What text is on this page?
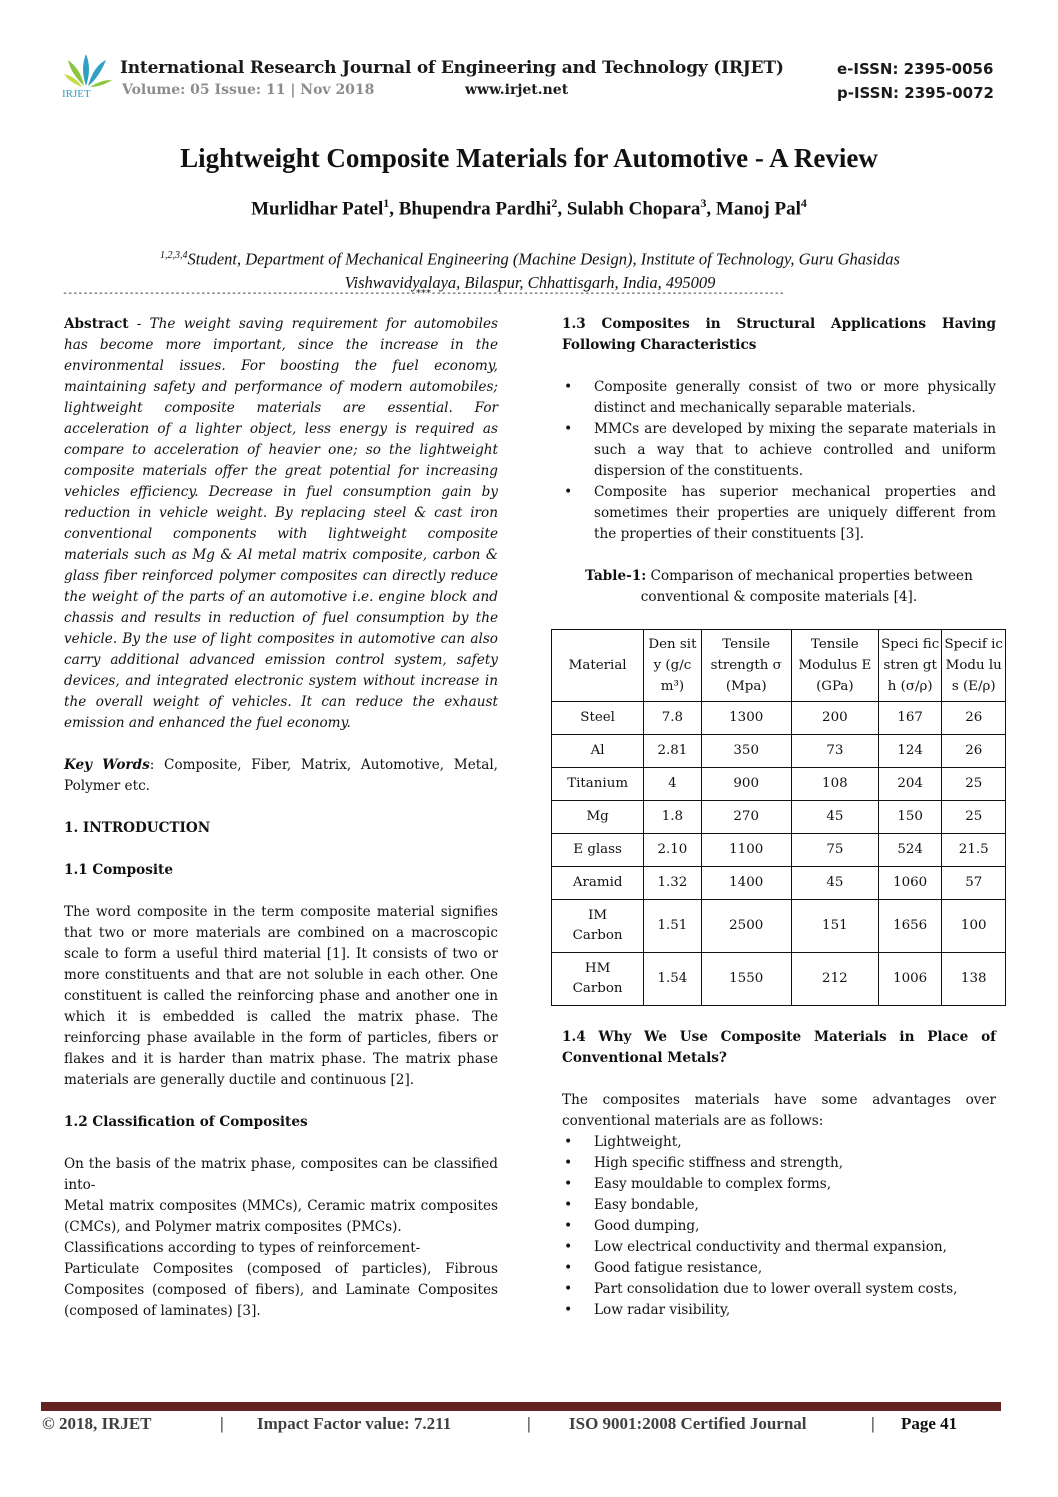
IRJET
International Research Journal of Engineering and Technology (IRJET)
Volume: 05 Issue: 11 | Nov 2018	www.irjet.net
e-ISSN: 2395-0056
p-ISSN: 2395-0072
Lightweight Composite Materials for Automotive - A Review
Murlidhar Patel$^1$, Bhupendra Pardhi$^2$, Sulabh Chopara$^3$, Manoj Pal$^4$
$^{1,2,3,4}$Student, Department of Mechanical Engineering (Machine Design), Institute of Technology, Guru Ghasidas
Vishwavidyalaya, Bilaspur, Chhattisgarh, India, 495009
---------------------------------------------------------------------***---------------------------------------------------------------------

Abstract - The weight saving requirement for automobiles has become more important, since the increase in the environmental issues. For boosting the fuel economy, maintaining safety and performance of modern automobiles; lightweight composite materials are essential. For acceleration of a lighter object, less energy is required as compare to acceleration of heavier one; so the lightweight composite materials offer the great potential for increasing vehicles efficiency. Decrease in fuel consumption gain by reduction in vehicle weight. By replacing steel & cast iron conventional components with lightweight composite materials such as Mg & Al metal matrix composite, carbon & glass fiber reinforced polymer composites can directly reduce the weight of the parts of an automotive i.e. engine block and chassis and results in reduction of fuel consumption by the vehicle. By the use of light composites in automotive can also carry additional advanced emission control system, safety devices, and integrated electronic system without increase in the overall weight of vehicles. It can reduce the exhaust emission and enhanced the fuel economy.

Key Words: Composite, Fiber, Matrix, Automotive, Metal, Polymer etc.

1. INTRODUCTION
1.1 Composite

The word composite in the term composite material signifies that two or more materials are combined on a macroscopic scale to form a useful third material [1]. It consists of two or more constituents and that are not soluble in each other. One constituent is called the reinforcing phase and another one in which it is embedded is called the matrix phase. The reinforcing phase available in the form of particles, fibers or flakes and it is harder than matrix phase. The matrix phase materials are generally ductile and continuous [2].

1.2 Classification of Composites

On the basis of the matrix phase, composites can be classified into-

Metal matrix composites (MMCs), Ceramic matrix composites (CMCs), and Polymer matrix composites (PMCs).

Classifications according to types of reinforcement-

Particulate Composites (composed of particles), Fibrous Composites (composed of fibers), and Laminate Composites (composed of laminates) [3].

1.3 Composites in Structural Applications Having Following Characteristics
• Composite generally consist of two or more physically distinct and mechanically separable materials.
• MMCs are developed by mixing the separate materials in such a way that to achieve controlled and uniform dispersion of the constituents.
• Composite has superior mechanical properties and sometimes their properties are uniquely different from the properties of their constituents [3].

Table-1: Comparison of mechanical properties between conventional & composite materials [4].

Material	Den sity (g/c m³)	Tensile strength σ (Mpa)	Tensile Modulus E (GPa)	Speci fic stren gth (σ/ρ)	Specif ic Modu lus (E/ρ)
Steel	7.8	1300	200	167	26
Al	2.81	350	73	124	26
Titanium	4	900	108	204	25
Mg	1.8	270	45	150	25
E glass	2.10	1100	75	524	21.5
Aramid	1.32	1400	45	1060	57
IM Carbon	1.51	2500	151	1656	100
HM Carbon	1.54	1550	212	1006	138
1.4 Why We Use Composite Materials in Place of Conventional Metals?

The composites materials have some advantages over conventional materials are as follows:

• Lightweight,
• High specific stiffness and strength,
• Easy mouldable to complex forms,
• Easy bondable,
• Good dumping,
• Low electrical conductivity and thermal expansion,
• Good fatigue resistance,
• Part consolidation due to lower overall system costs,
• Low radar visibility,
© 2018, IRJET	| Impact Factor value: 7.211	| ISO 9001:2008 Certified Journal	| Page 41
